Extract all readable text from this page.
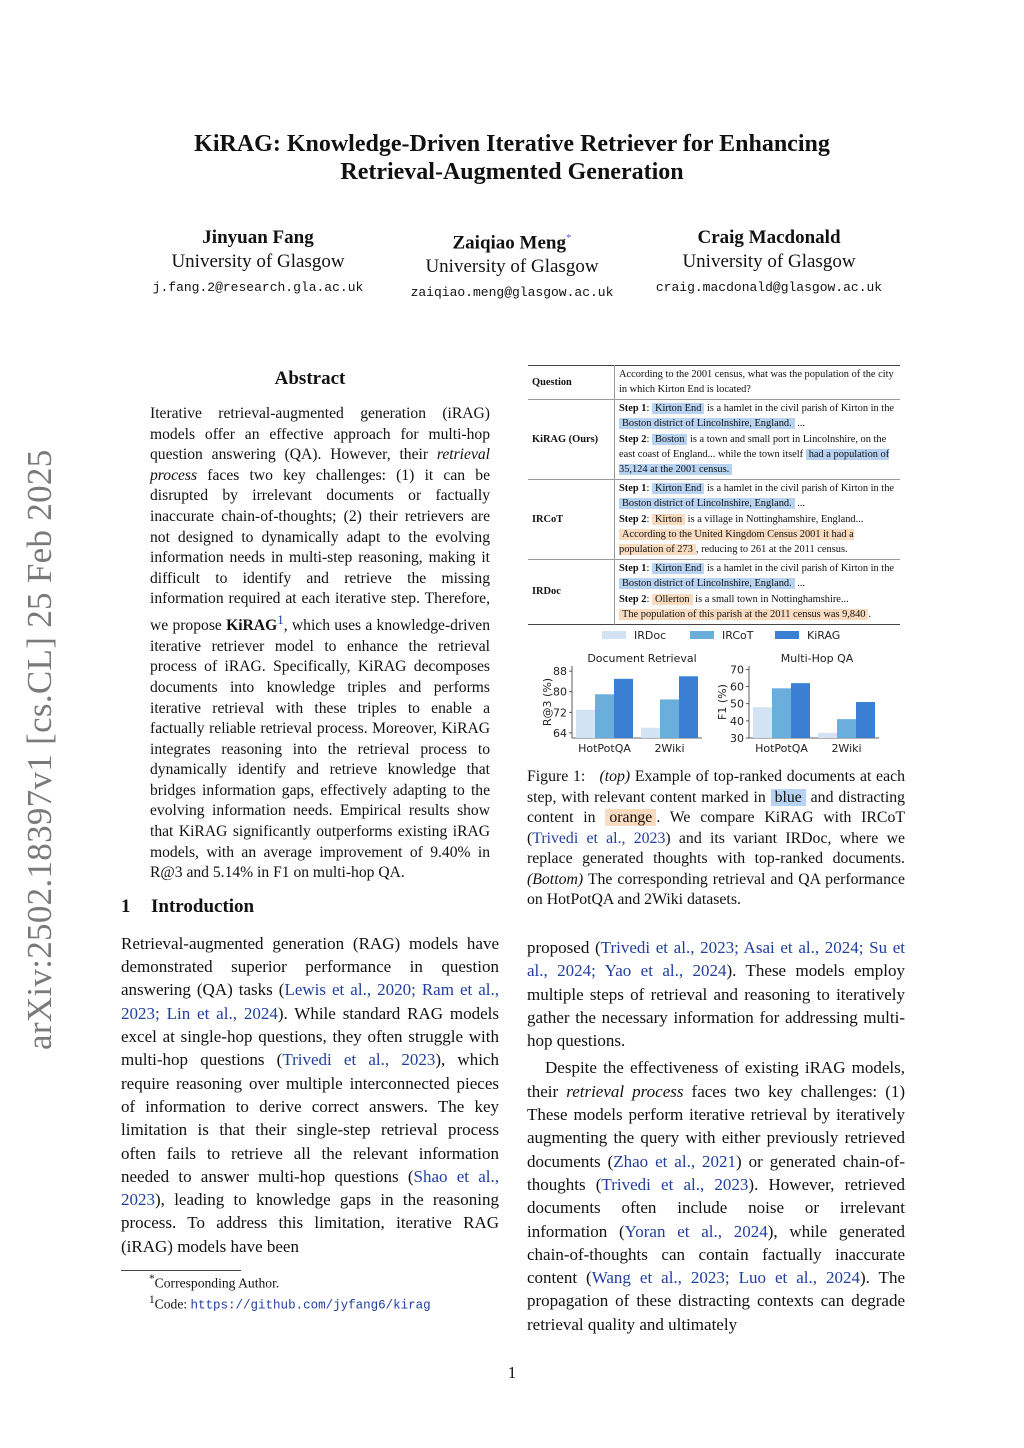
arXiv:2502.18397v1 [cs.CL] 25 Feb 2025
KiRAG: Knowledge-Driven Iterative Retriever for Enhancing
Retrieval-Augmented Generation
Jinyuan Fang
University of Glasgow
j.fang.2@research.gla.ac.uk
Zaiqiao Meng*
University of Glasgow
zaiqiao.meng@glasgow.ac.uk
Craig Macdonald
University of Glasgow
craig.macdonald@glasgow.ac.uk
Abstract

Iterative retrieval-augmented generation (iRAG) models offer an effective approach for multi-hop question answering (QA). However, their retrieval process faces two key challenges: (1) it can be disrupted by irrelevant documents or factually inaccurate chain-of-thoughts; (2) their retrievers are not designed to dynamically adapt to the evolving information needs in multi-step reasoning, making it difficult to identify and retrieve the missing information required at each iterative step. Therefore, we propose KiRAG$^1$, which uses a knowledge-driven iterative retriever model to enhance the retrieval process of iRAG. Specifically, KiRAG decomposes documents into knowledge triples and performs iterative retrieval with these triples to enable a factually reliable retrieval process. Moreover, KiRAG integrates reasoning into the retrieval process to dynamically identify and retrieve knowledge that bridges information gaps, effectively adapting to the evolving information needs. Empirical results show that KiRAG significantly outperforms existing iRAG models, with an average improvement of 9.40% in R@3 and 5.14% in F1 on multi-hop QA.

1 Introduction

Retrieval-augmented generation (RAG) models have demonstrated superior performance in question answering (QA) tasks (Lewis et al., 2020; Ram et al., 2023; Lin et al., 2024). While standard RAG models excel at single-hop questions, they often struggle with multi-hop questions (Trivedi et al., 2023), which require reasoning over multiple interconnected pieces of information to derive correct answers. The key limitation is that their single-step retrieval process often fails to retrieve all the relevant information needed to answer multi-hop questions (Shao et al., 2023), leading to knowledge gaps in the reasoning process. To address this limitation, iterative RAG (iRAG) models have been

*Corresponding Author.
$^1$Code: https://github.com/jyfang6/kirag
Question	According to the 2001 census, what was the population of the city in which Kirton End is located?
KiRAG (Ours)	Step 1: Kirton End is a hamlet in the civil parish of Kirton in the Boston district of Lincolnshire, England. ...
Step 2: Boston is a town and small port in Lincolnshire, on the east coast of England... while the town itself had a population of 35,124 at the 2001 census.
IRCoT	Step 1: Kirton End is a hamlet in the civil parish of Kirton in the Boston district of Lincolnshire, England. ...
Step 2: Kirton is a village in Nottinghamshire, England...
According to the United Kingdom Census 2001 it had a population of 273 , reducing to 261 at the 2011 census.
IRDoc	Step 1: Kirton End is a hamlet in the civil parish of Kirton in the Boston district of Lincolnshire, England. ...
Step 2: Ollerton is a small town in Nottinghamshire...
The population of this parish at the 2011 census was 9,840 .
IRDoc	IRCoT	KiRAG
Document Retrieval
64
72
80
88
R@3 (%)
HotPotQA 2Wiki
Multi-Hop QA
30
40
50
60
70
F1 (%)
HotPotQA 2Wiki

Figure 1: (top) Example of top-ranked documents at each step, with relevant content marked in blue and distracting content in orange . We compare KiRAG with IRCoT (Trivedi et al., 2023) and its variant IRDoc, where we replace generated thoughts with top-ranked documents. (Bottom) The corresponding retrieval and QA performance on HotPotQA and 2Wiki datasets.

proposed (Trivedi et al., 2023; Asai et al., 2024; Su et al., 2024; Yao et al., 2024). These models employ multiple steps of retrieval and reasoning to iteratively gather the necessary information for addressing multi-hop questions.

Despite the effectiveness of existing iRAG models, their retrieval process faces two key challenges: (1) These models perform iterative retrieval by iteratively augmenting the query with either previously retrieved documents (Zhao et al., 2021) or generated chain-of-thoughts (Trivedi et al., 2023). However, retrieved documents often include noise or irrelevant information (Yoran et al., 2024), while generated chain-of-thoughts can contain factually inaccurate content (Wang et al., 2023; Luo et al., 2024). The propagation of these distracting contexts can degrade retrieval quality and ultimately

1
